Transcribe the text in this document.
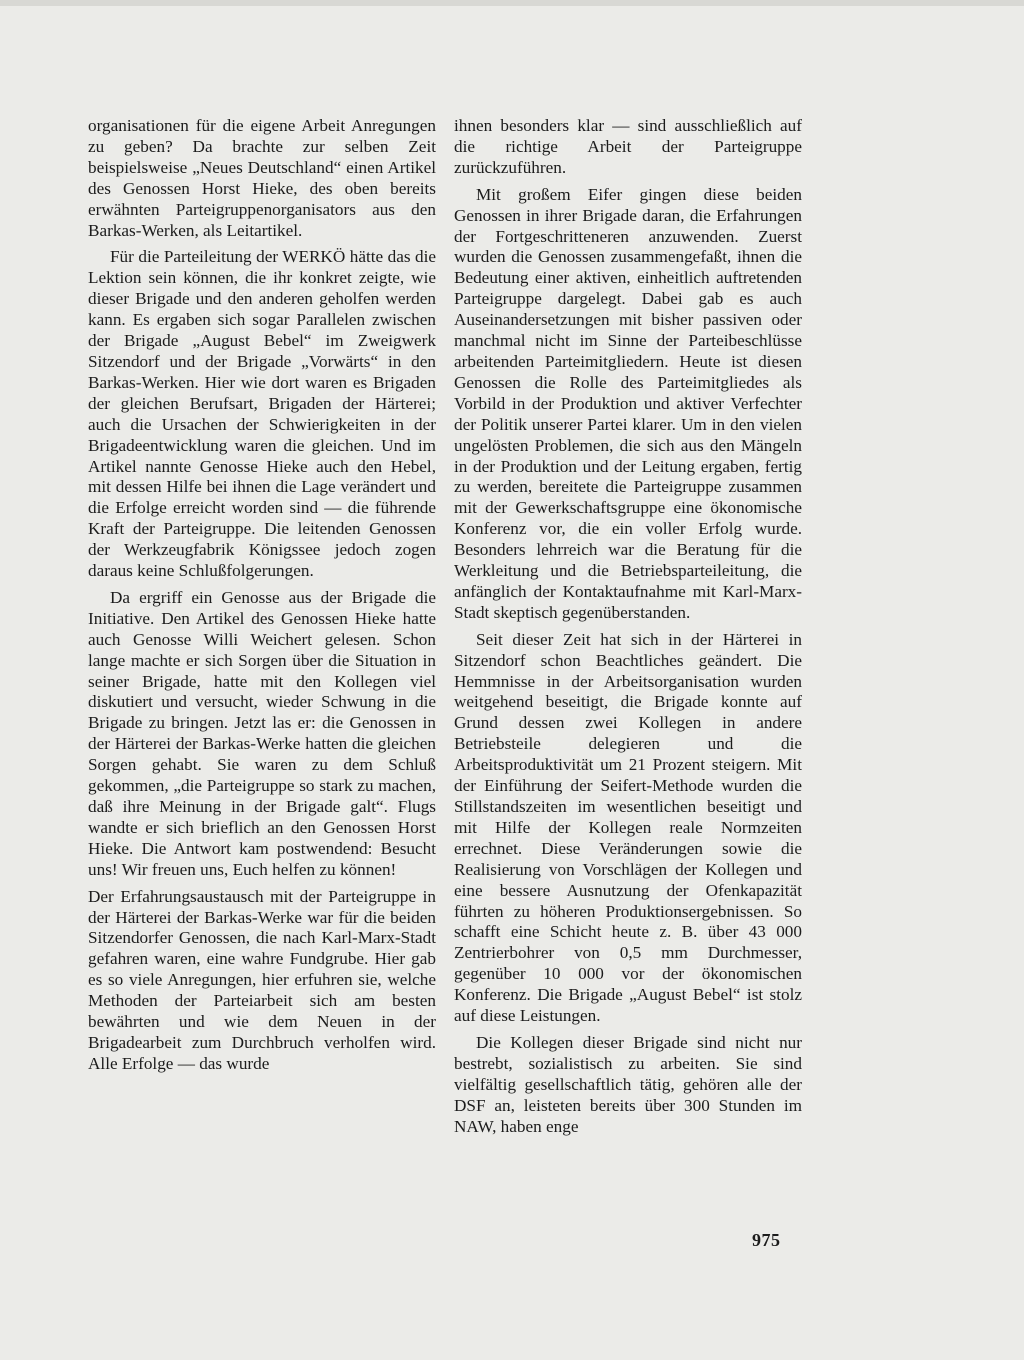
organisationen für die eigene Arbeit Anregungen zu geben? Da brachte zur selben Zeit beispielsweise „Neues Deutschland“ einen Artikel des Genossen Horst Hieke, des oben bereits erwähnten Parteigruppenorganisators aus den Barkas-Werken, als Leitartikel.

Für die Parteileitung der WERKÖ hätte das die Lektion sein können, die ihr konkret zeigte, wie dieser Brigade und den anderen geholfen werden kann. Es ergaben sich sogar Parallelen zwischen der Brigade „August Bebel“ im Zweigwerk Sitzendorf und der Brigade „Vorwärts“ in den Barkas-Werken. Hier wie dort waren es Brigaden der gleichen Berufsart, Brigaden der Härterei; auch die Ursachen der Schwierigkeiten in der Brigadeentwicklung waren die gleichen. Und im Artikel nannte Genosse Hieke auch den Hebel, mit dessen Hilfe bei ihnen die Lage verändert und die Erfolge erreicht worden sind — die führende Kraft der Parteigruppe. Die leitenden Genossen der Werkzeugfabrik Königssee jedoch zogen daraus keine Schlußfolgerungen.

Da ergriff ein Genosse aus der Brigade die Initiative. Den Artikel des Genossen Hieke hatte auch Genosse Willi Weichert gelesen. Schon lange machte er sich Sorgen über die Situation in seiner Brigade, hatte mit den Kollegen viel diskutiert und versucht, wieder Schwung in die Brigade zu bringen. Jetzt las er: die Genossen in der Härterei der Barkas-Werke hatten die gleichen Sorgen gehabt. Sie waren zu dem Schluß gekommen, „die Parteigruppe so stark zu machen, daß ihre Meinung in der Brigade galt“. Flugs wandte er sich brieflich an den Genossen Horst Hieke. Die Antwort kam postwendend: Besucht uns! Wir freuen uns, Euch helfen zu können!

Der Erfahrungsaustausch mit der Parteigruppe in der Härterei der Barkas-Werke war für die beiden Sitzendorfer Genossen, die nach Karl-Marx-Stadt gefahren waren, eine wahre Fundgrube. Hier gab es so viele Anregungen, hier erfuhren sie, welche Methoden der Parteiarbeit sich am besten bewährten und wie dem Neuen in der Brigadearbeit zum Durchbruch verholfen wird. Alle Erfolge — das wurde

ihnen besonders klar — sind ausschließlich auf die richtige Arbeit der Parteigruppe zurückzuführen.

Mit großem Eifer gingen diese beiden Genossen in ihrer Brigade daran, die Erfahrungen der Fortgeschritteneren anzuwenden. Zuerst wurden die Genossen zusammengefaßt, ihnen die Bedeutung einer aktiven, einheitlich auftretenden Parteigruppe dargelegt. Dabei gab es auch Auseinandersetzungen mit bisher passiven oder manchmal nicht im Sinne der Parteibeschlüsse arbeitenden Parteimitgliedern. Heute ist diesen Genossen die Rolle des Parteimitgliedes als Vorbild in der Produktion und aktiver Verfechter der Politik unserer Partei klarer. Um in den vielen ungelösten Problemen, die sich aus den Mängeln in der Produktion und der Leitung ergaben, fertig zu werden, bereitete die Parteigruppe zusammen mit der Gewerkschaftsgruppe eine ökonomische Konferenz vor, die ein voller Erfolg wurde. Besonders lehrreich war die Beratung für die Werkleitung und die Betriebsparteileitung, die anfänglich der Kontaktaufnahme mit Karl-Marx-Stadt skeptisch gegenüberstanden.

Seit dieser Zeit hat sich in der Härterei in Sitzendorf schon Beachtliches geändert. Die Hemmnisse in der Arbeitsorganisation wurden weitgehend beseitigt, die Brigade konnte auf Grund dessen zwei Kollegen in andere Betriebsteile delegieren und die Arbeitsproduktivität um 21 Prozent steigern. Mit der Einführung der Seifert-Methode wurden die Stillstandszeiten im wesentlichen beseitigt und mit Hilfe der Kollegen reale Normzeiten errechnet. Diese Veränderungen sowie die Realisierung von Vorschlägen der Kollegen und eine bessere Ausnutzung der Ofenkapazität führten zu höheren Produktionsergebnissen. So schafft eine Schicht heute z. B. über 43 000 Zentrierbohrer von 0,5 mm Durchmesser, gegenüber 10 000 vor der ökonomischen Konferenz. Die Brigade „August Bebel“ ist stolz auf diese Leistungen.

Die Kollegen dieser Brigade sind nicht nur bestrebt, sozialistisch zu arbeiten. Sie sind vielfältig gesellschaftlich tätig, gehören alle der DSF an, leisteten bereits über 300 Stunden im NAW, haben enge

975
